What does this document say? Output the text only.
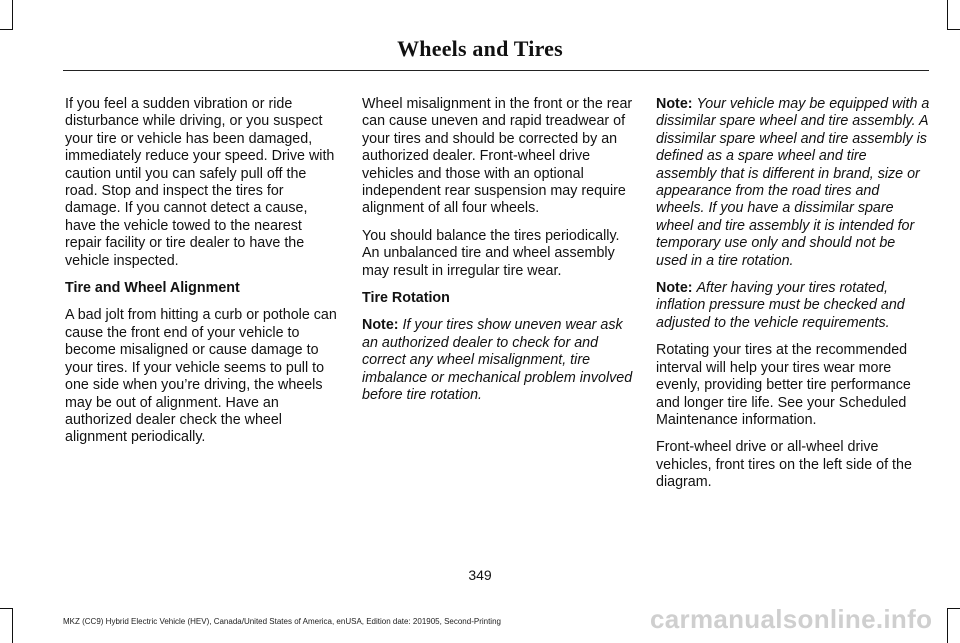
Wheels and Tires

If you feel a sudden vibration or ride disturbance while driving, or you suspect your tire or vehicle has been damaged, immediately reduce your speed. Drive with caution until you can safely pull off the road. Stop and inspect the tires for damage. If you cannot detect a cause, have the vehicle towed to the nearest repair facility or tire dealer to have the vehicle inspected.

Tire and Wheel Alignment

A bad jolt from hitting a curb or pothole can cause the front end of your vehicle to become misaligned or cause damage to your tires. If your vehicle seems to pull to one side when you’re driving, the wheels may be out of alignment. Have an authorized dealer check the wheel alignment periodically.

Wheel misalignment in the front or the rear can cause uneven and rapid treadwear of your tires and should be corrected by an authorized dealer. Front-wheel drive vehicles and those with an optional independent rear suspension may require alignment of all four wheels.

You should balance the tires periodically. An unbalanced tire and wheel assembly may result in irregular tire wear.

Tire Rotation

Note: If your tires show uneven wear ask an authorized dealer to check for and correct any wheel misalignment, tire imbalance or mechanical problem involved before tire rotation.

Note: Your vehicle may be equipped with a dissimilar spare wheel and tire assembly. A dissimilar spare wheel and tire assembly is defined as a spare wheel and tire assembly that is different in brand, size or appearance from the road tires and wheels. If you have a dissimilar spare wheel and tire assembly it is intended for temporary use only and should not be used in a tire rotation.

Note: After having your tires rotated, inflation pressure must be checked and adjusted to the vehicle requirements.

Rotating your tires at the recommended interval will help your tires wear more evenly, providing better tire performance and longer tire life. See your Scheduled Maintenance information.

Front-wheel drive or all-wheel drive vehicles, front tires on the left side of the diagram.

349
MKZ (CC9) Hybrid Electric Vehicle (HEV), Canada/United States of America, enUSA, Edition date: 201905, Second-Printing	carmanualsonline.info
